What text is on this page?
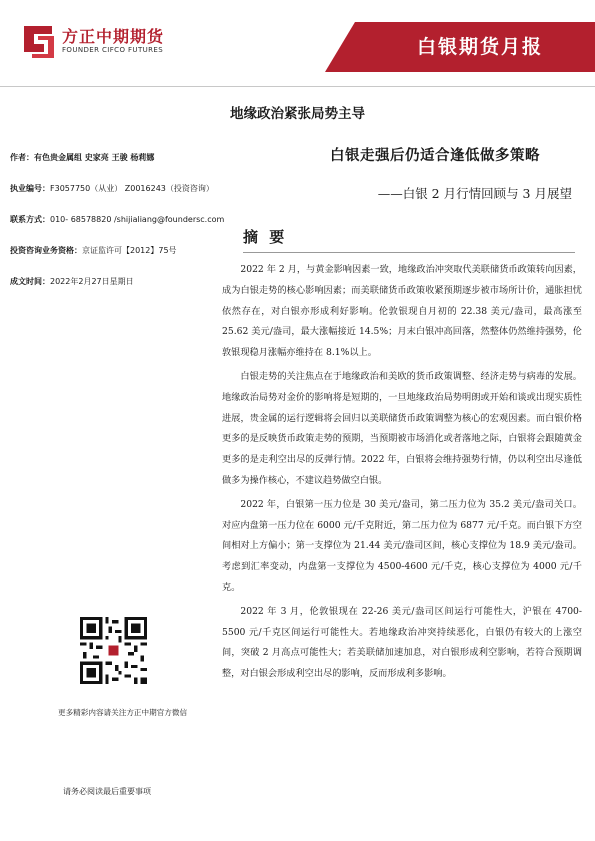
方正中期期货
FOUNDER CIFCO FUTURES	白银期货月报
地缘政治紧张局势主导
白银走强后仍适合逢低做多策略
——白银 2 月行情回顾与 3 月展望
作者：有色贵金属组 史家亮 王骏 杨莉娜
执业编号：F3057750（从业） Z0016243（投资咨询）
联系方式：010- 68578820 /shijialiang@foundersc.com
投资咨询业务资格：京证监许可【2012】75号
成文时间：2022年2月27日星期日
摘 要

2022 年 2 月，与黄金影响因素一致，地缘政治冲突取代美联储货币政策转向因素，成为白银走势的核心影响因素；而美联储货币政策收紧预期逐步被市场所计价，通胀担忧依然存在，对白银亦形成利好影响。伦敦银现自月初的 22.38 美元/盎司，最高涨至 25.62 美元/盎司，最大涨幅接近 14.5%；月末白银冲高回落，然整体仍然维持强势，伦敦银现稳月涨幅亦维持在 8.1%以上。

白银走势的关注焦点在于地缘政治和美欧的货币政策调整、经济走势与病毒的发展。地缘政治局势对金价的影响将是短期的，一旦地缘政治局势明朗或开始和谈或出现实质性进展，贵金属的运行逻辑将会回归以美联储货币政策调整为核心的宏观因素。而白银价格更多的是反映货币政策走势的预期，当预期被市场消化或者落地之际，白银将会跟随黄金更多的是走利空出尽的反弹行情。2022 年，白银将会维持强势行情，仍以利空出尽逢低做多为操作核心，不建议趋势做空白银。

2022 年，白银第一压力位是 30 美元/盎司，第二压力位为 35.2 美元/盎司关口。对应内盘第一压力位在 6000 元/千克附近，第二压力位为 6877 元/千克。而白银下方空间相对上方偏小；第一支撑位为 21.44 美元/盎司区间，核心支撑位为 18.9 美元/盎司。考虑到汇率变动，内盘第一支撑位为 4500-4600 元/千克，核心支撑位为 4000 元/千克。

2022 年 3 月，伦敦银现在 22-26 美元/盎司区间运行可能性大，沪银在 4700-5500 元/千克区间运行可能性大。若地缘政治冲突持续恶化，白银仍有较大的上涨空间，突破 2 月高点可能性大；若美联储加速加息，对白银形成利空影响，若符合预期调整，对白银会形成利空出尽的影响，反而形成利多影响。

更多精彩内容请关注方正中期官方微信
请务必阅读最后重要事项
